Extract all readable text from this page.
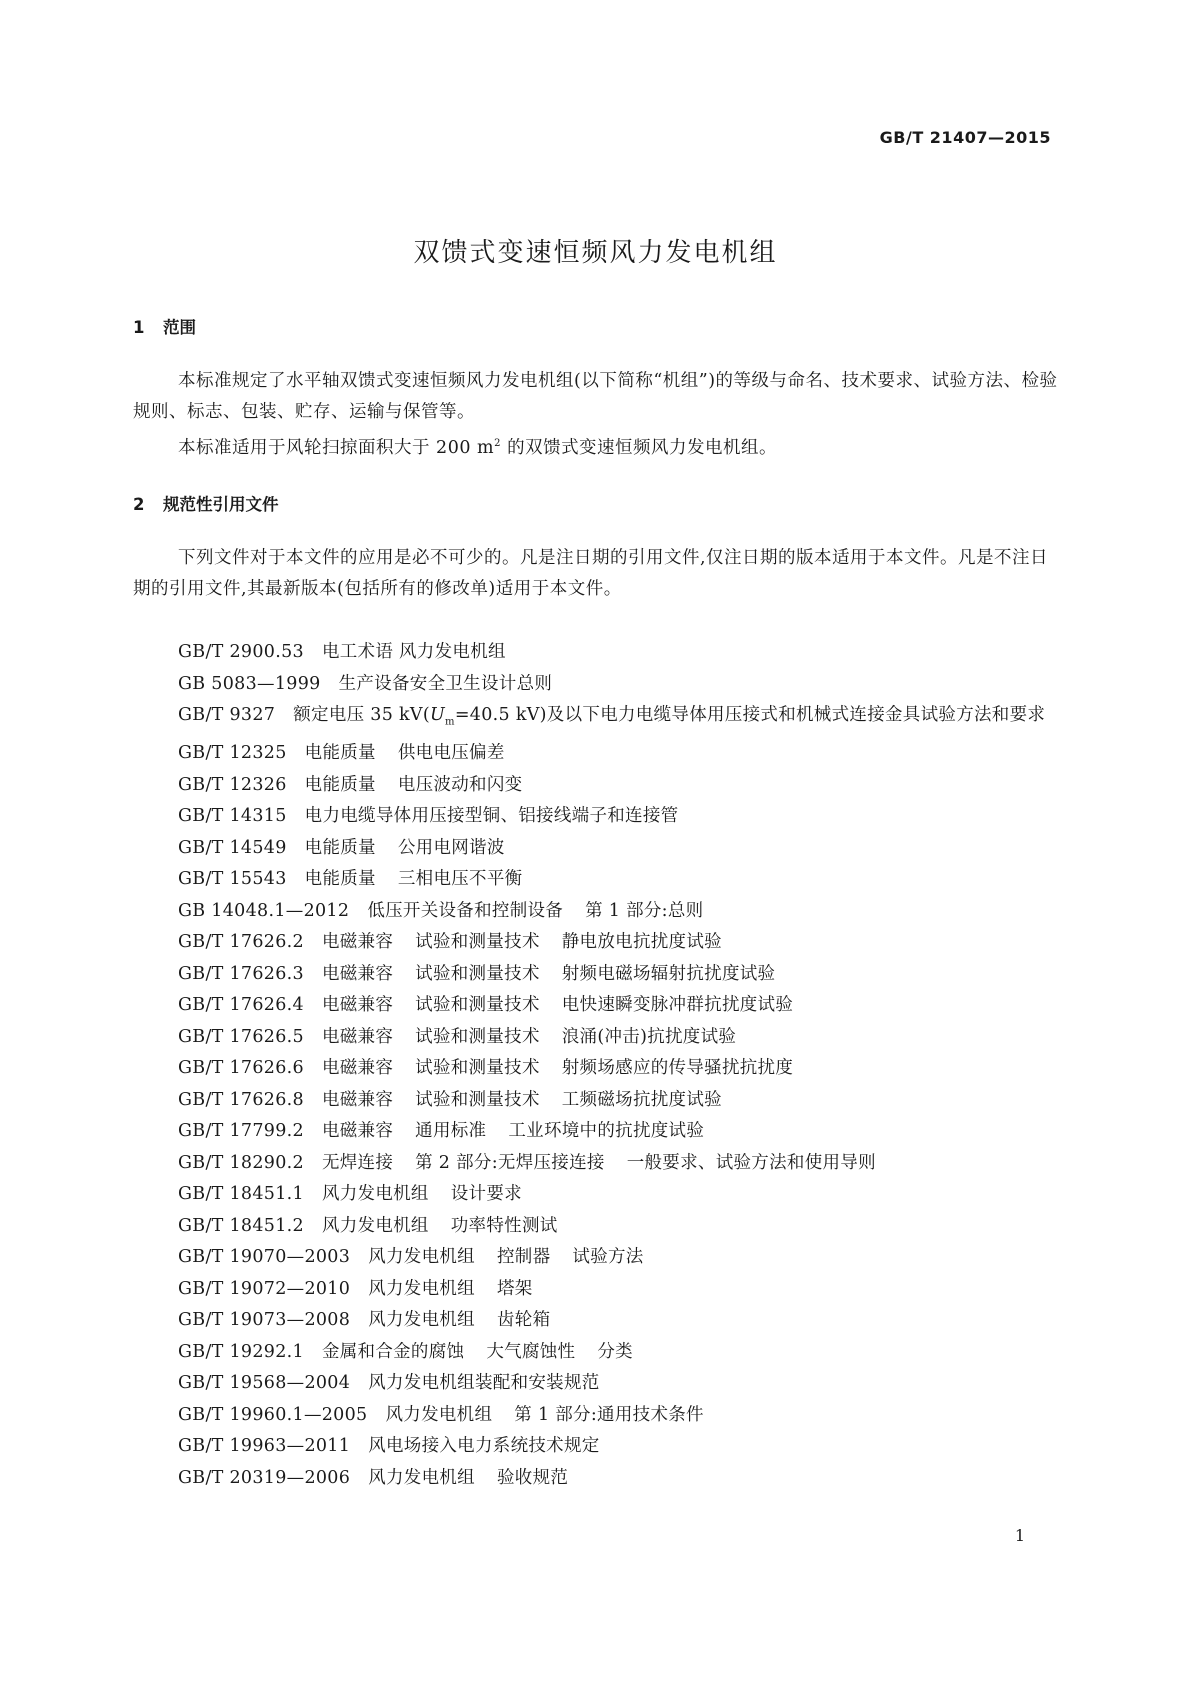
GB/T 21407—2015
双馈式变速恒频风力发电机组
1 范围

本标准规定了水平轴双馈式变速恒频风力发电机组(以下简称“机组”)的等级与命名、技术要求、试验方法、检验规则、标志、包装、贮存、运输与保管等。

本标准适用于风轮扫掠面积大于 200 $m^2$ 的双馈式变速恒频风力发电机组。

2 规范性引用文件

下列文件对于本文件的应用是必不可少的。凡是注日期的引用文件,仅注日期的版本适用于本文件。凡是不注日期的引用文件,其最新版本(包括所有的修改单)适用于本文件。

GB/T 2900.53 电工术语 风力发电机组
GB 5083—1999 生产设备安全卫生设计总则
GB/T 9327 额定电压 35 $kV(U_m=40.5$ kV)及以下电力电缆导体用压接式和机械式连接金具试验方法和要求
GB/T 12325 电能质量 供电电压偏差
GB/T 12326 电能质量 电压波动和闪变
GB/T 14315 电力电缆导体用压接型铜、铝接线端子和连接管
GB/T 14549 电能质量 公用电网谐波
GB/T 15543 电能质量 三相电压不平衡
GB 14048.1—2012 低压开关设备和控制设备 第 1 部分:总则
GB/T 17626.2 电磁兼容 试验和测量技术 静电放电抗扰度试验
GB/T 17626.3 电磁兼容 试验和测量技术 射频电磁场辐射抗扰度试验
GB/T 17626.4 电磁兼容 试验和测量技术 电快速瞬变脉冲群抗扰度试验
GB/T 17626.5 电磁兼容 试验和测量技术 浪涌(冲击)抗扰度试验
GB/T 17626.6 电磁兼容 试验和测量技术 射频场感应的传导骚扰抗扰度
GB/T 17626.8 电磁兼容 试验和测量技术 工频磁场抗扰度试验
GB/T 17799.2 电磁兼容 通用标准 工业环境中的抗扰度试验
GB/T 18290.2 无焊连接 第 2 部分:无焊压接连接 一般要求、试验方法和使用导则
GB/T 18451.1 风力发电机组 设计要求
GB/T 18451.2 风力发电机组 功率特性测试
GB/T 19070—2003 风力发电机组 控制器 试验方法
GB/T 19072—2010 风力发电机组 塔架
GB/T 19073—2008 风力发电机组 齿轮箱
GB/T 19292.1 金属和合金的腐蚀 大气腐蚀性 分类
GB/T 19568—2004 风力发电机组装配和安装规范
GB/T 19960.1—2005 风力发电机组 第 1 部分:通用技术条件
GB/T 19963—2011 风电场接入电力系统技术规定
GB/T 20319—2006 风力发电机组 验收规范
1
